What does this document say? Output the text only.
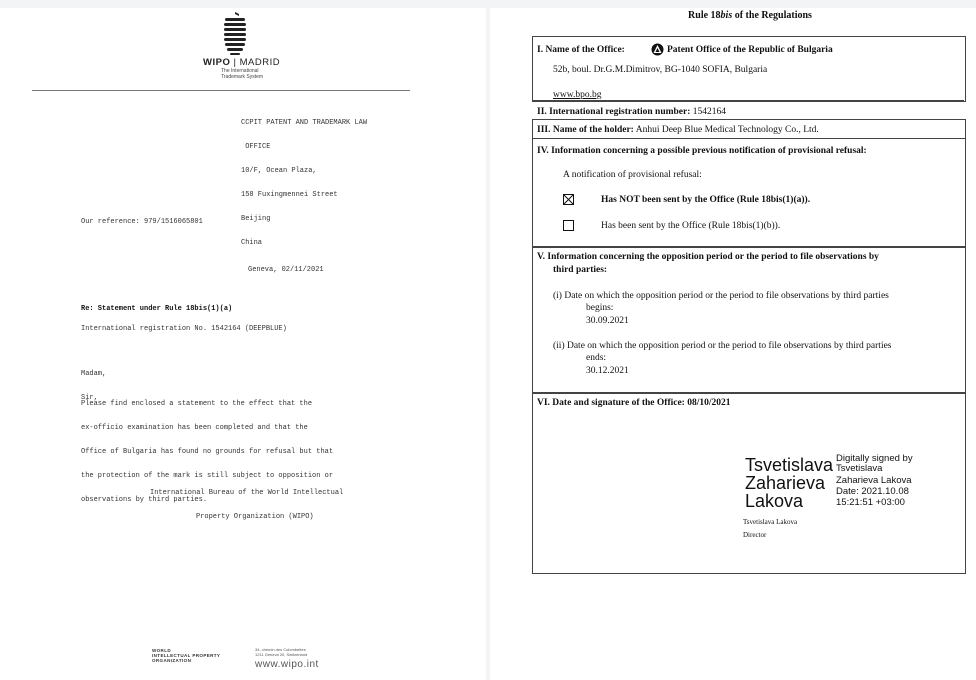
WIPO | MADRID
The International
Trademark System

CCPIT PATENT AND TRADEMARK LAW

OFFICE

10/F, Ocean Plaza,

158 Fuxingmennei Street

Beijing

China

Our reference: 979/1516065801
Geneva, 02/11/2021
Re: Statement under Rule 18bis(1)(a)
International registration No. 1542164 (DEEPBLUE)

Madam,

Sir,

Please find enclosed a statement to the effect that the

ex-officio examination has been completed and that the

Office of Bulgaria has found no grounds for refusal but that

the protection of the mark is still subject to opposition or

observations by third parties.

International Bureau of the World Intellectual

Property Organization (WIPO)

WORLD
INTELLECTUAL PROPERTY
ORGANIZATION
34, chemin des Colombettes
1211 Geneva 20, Switzerland
www.wipo.int
Rule 18bis of the Regulations
I. Name of the Office:	Patent Office of the Republic of Bulgaria
52b, boul. Dr.G.M.Dimitrov, BG-1040 SOFIA, Bulgaria
www.bpo.bg
II. International registration number: 1542164
III. Name of the holder: Anhui Deep Blue Medical Technology Co., Ltd.
IV. Information concerning a possible previous notification of provisional refusal:
A notification of provisional refusal:
Has NOT been sent by the Office (Rule 18bis(1)(a)).
Has been sent by the Office (Rule 18bis(1)(b)).
V. Information concerning the opposition period or the period to file observations by
third parties:
(i) Date on which the opposition period or the period to file observations by third parties
begins:
30.09.2021
(ii) Date on which the opposition period or the period to file observations by third parties
ends:
30.12.2021
VI. Date and signature of the Office: 08/10/2021
Tsvetislava
Zaharieva
Lakova
Digitally signed by
Tsvetislava
Zaharieva Lakova
Date: 2021.10.08
15:21:51 +03:00
Tsvetislava Lakova
Director
